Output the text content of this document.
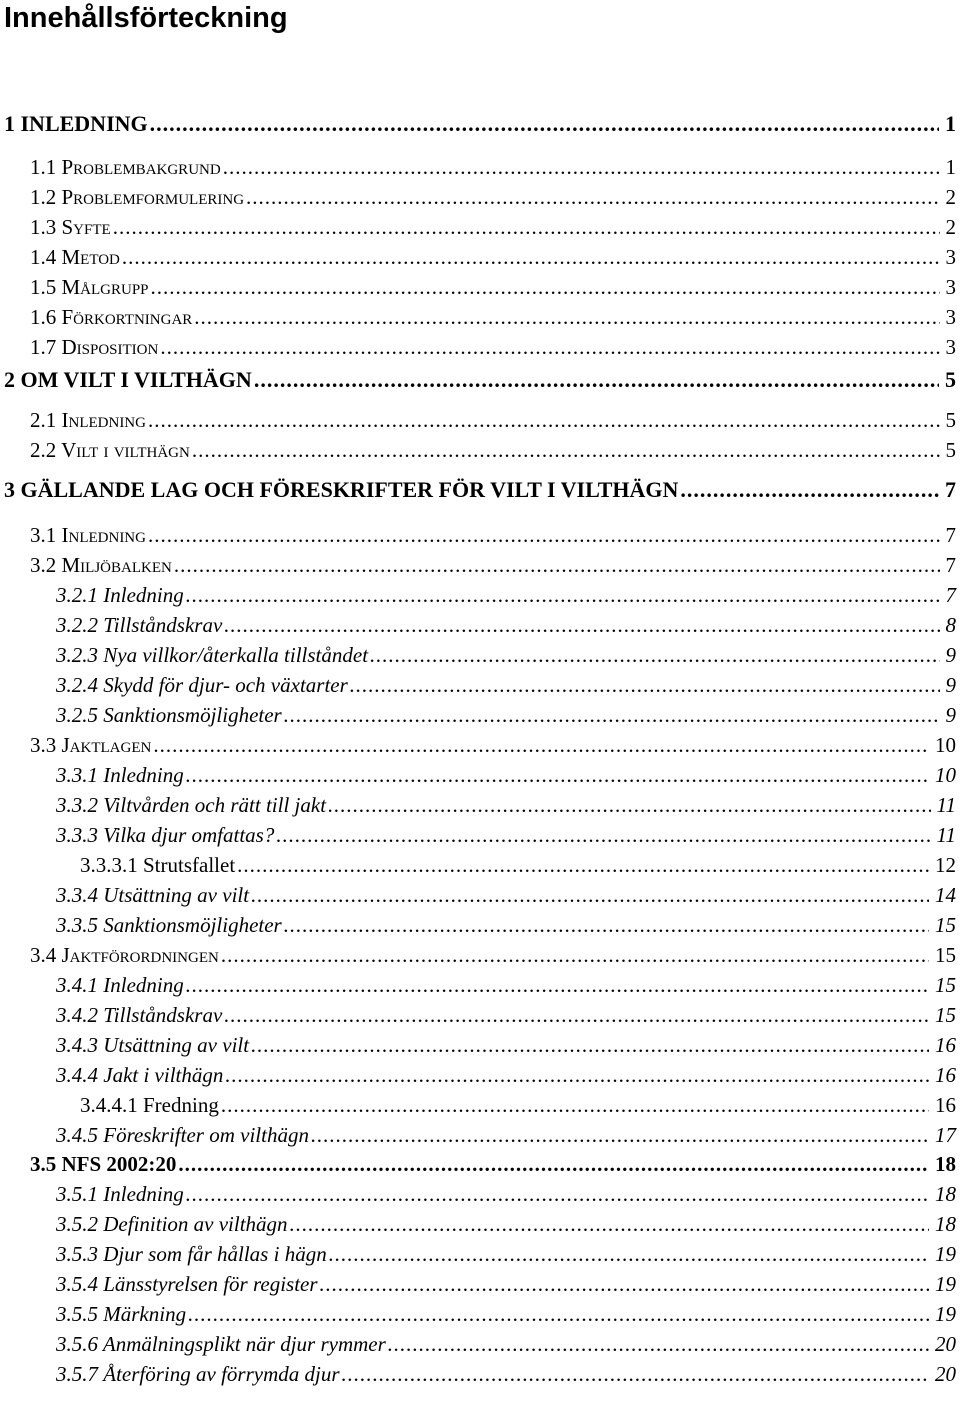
Innehållsförteckning
1 INLEDNING .....	1
1.1 Problembakgrund .....	1
1.2 Problemformulering .....	2
1.3 Syfte .....	2
1.4 Metod .....	3
1.5 Målgrupp .....	3
1.6 Förkortningar .....	3
1.7 Disposition .....	3
2 OM VILT I VILTHÄGN .....	5
2.1 Inledning .....	5
2.2 Vilt i vilthägn .....	5
3 GÄLLANDE LAG OCH FÖRESKRIFTER FÖR VILT I VILTHÄGN .....	7
3.1 Inledning .....	7
3.2 Miljöbalken .....	7
3.2.1 Inledning .....	7
3.2.2 Tillståndskrav .....	8
3.2.3 Nya villkor/återkalla tillståndet .....	9
3.2.4 Skydd för djur- och växtarter .....	9
3.2.5 Sanktionsmöjligheter .....	9
3.3 Jaktlagen .....	10
3.3.1 Inledning .....	10
3.3.2 Viltvården och rätt till jakt .....	11
3.3.3 Vilka djur omfattas? .....	11
3.3.3.1 Strutsfallet .....	12
3.3.4 Utsättning av vilt .....	14
3.3.5 Sanktionsmöjligheter .....	15
3.4 Jaktförordningen .....	15
3.4.1 Inledning .....	15
3.4.2 Tillståndskrav .....	15
3.4.3 Utsättning av vilt .....	16
3.4.4 Jakt i vilthägn .....	16
3.4.4.1 Fredning .....	16
3.4.5 Föreskrifter om vilthägn .....	17
3.5 NFS 2002:20 .....	18
3.5.1 Inledning .....	18
3.5.2 Definition av vilthägn .....	18
3.5.3 Djur som får hållas i hägn .....	19
3.5.4 Länsstyrelsen för register .....	19
3.5.5 Märkning .....	19
3.5.6 Anmälningsplikt när djur rymmer .....	20
3.5.7 Återföring av förrymda djur .....	20
